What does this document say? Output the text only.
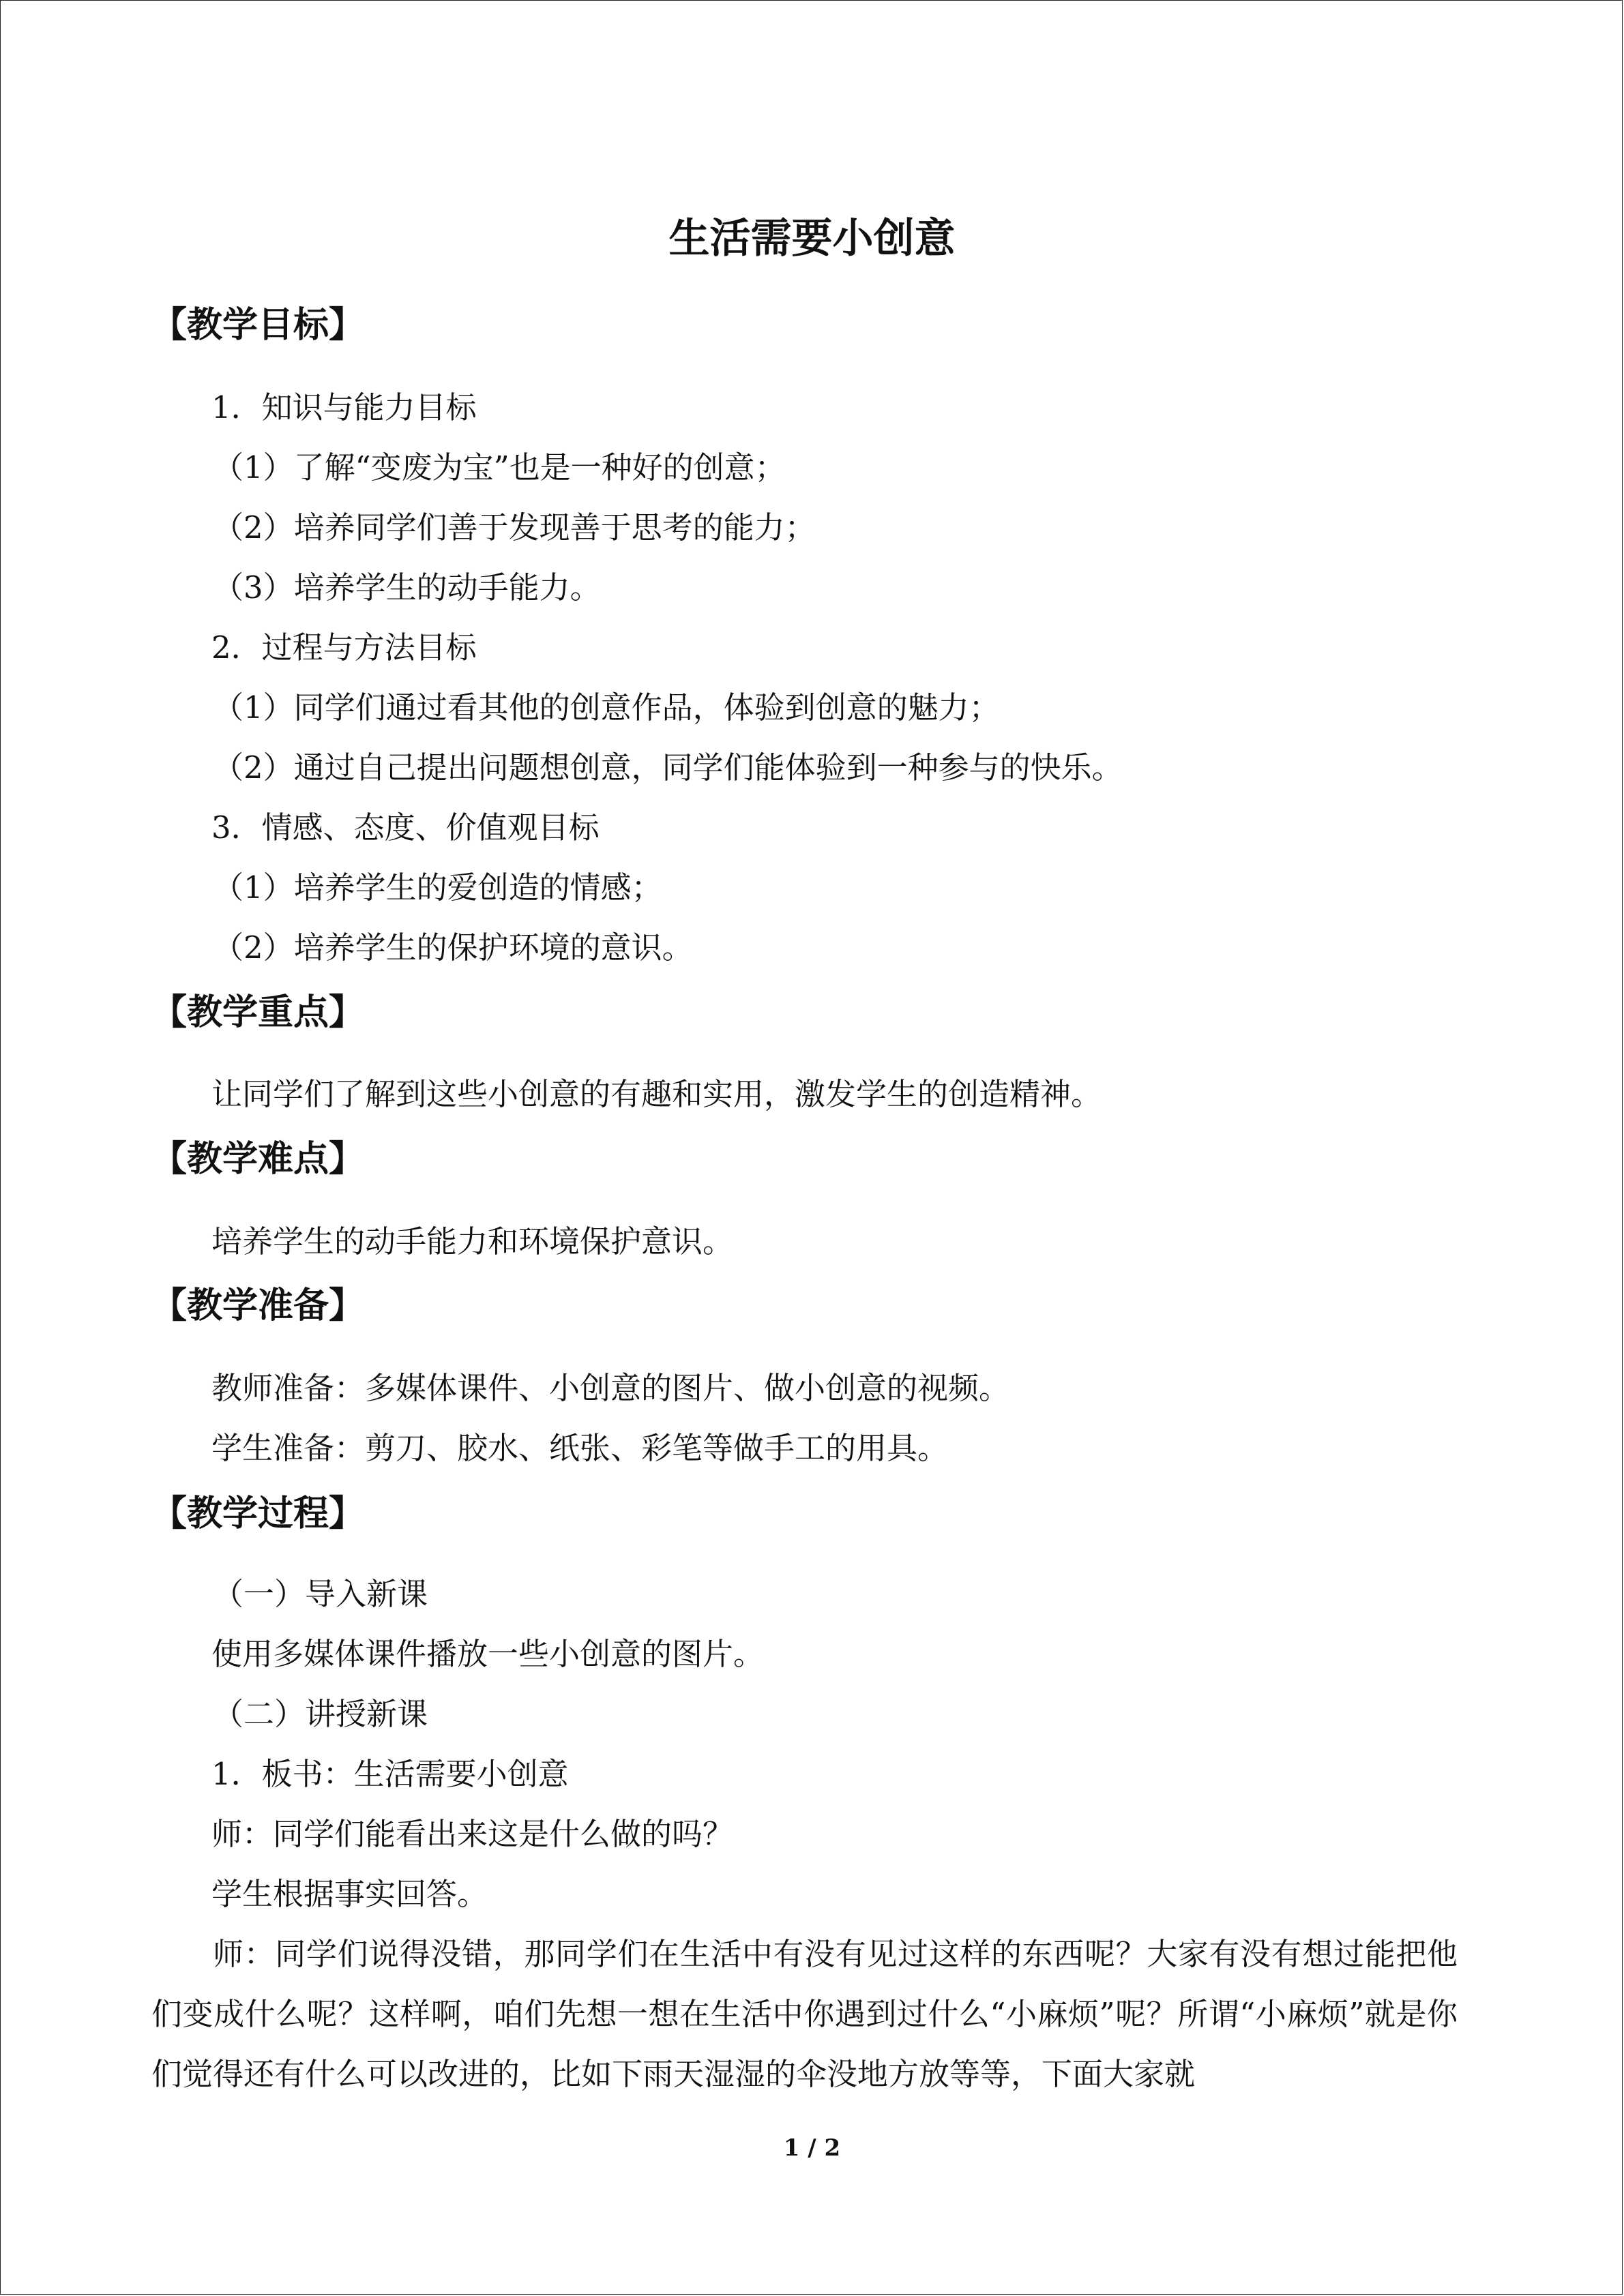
生活需要小创意
【教学目标】

1．知识与能力目标

（1）了解“变废为宝”也是一种好的创意；

（2）培养同学们善于发现善于思考的能力；

（3）培养学生的动手能力。

2．过程与方法目标

（1）同学们通过看其他的创意作品，体验到创意的魅力；

（2）通过自己提出问题想创意，同学们能体验到一种参与的快乐。

3．情感、态度、价值观目标

（1）培养学生的爱创造的情感；

（2）培养学生的保护环境的意识。

【教学重点】

让同学们了解到这些小创意的有趣和实用，激发学生的创造精神。

【教学难点】

培养学生的动手能力和环境保护意识。

【教学准备】

教师准备：多媒体课件、小创意的图片、做小创意的视频。

学生准备：剪刀、胶水、纸张、彩笔等做手工的用具。

【教学过程】

（一）导入新课

使用多媒体课件播放一些小创意的图片。

（二）讲授新课

1．板书：生活需要小创意

师：同学们能看出来这是什么做的吗？

学生根据事实回答。

师：同学们说得没错，那同学们在生活中有没有见过这样的东西呢？大家有没有想过能把他们变成什么呢？这样啊，咱们先想一想在生活中你遇到过什么“小麻烦”呢？所谓“小麻烦”就是你们觉得还有什么可以改进的，比如下雨天湿湿的伞没地方放等等，下面大家就

1 / 2
